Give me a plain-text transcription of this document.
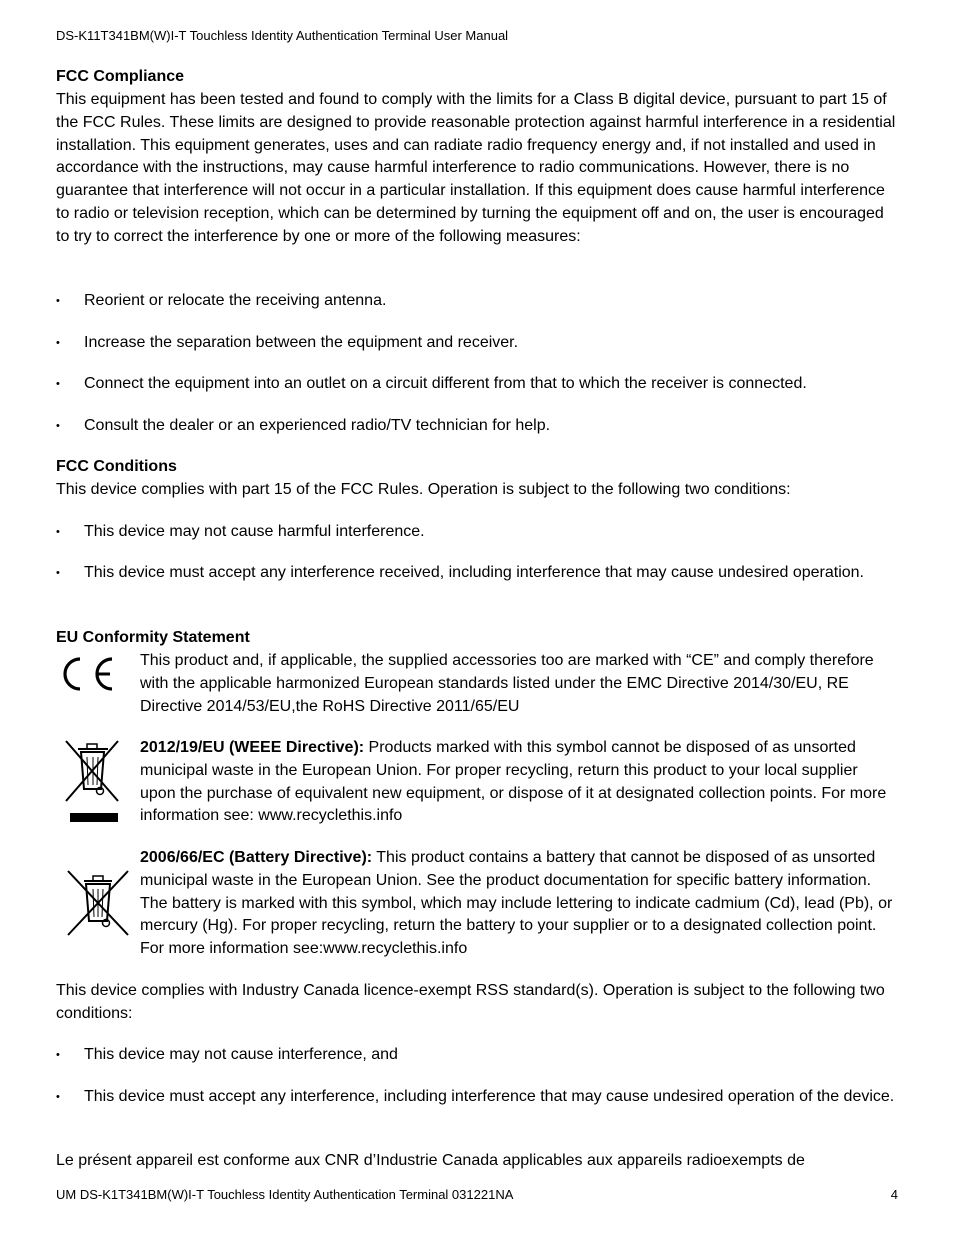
DS-K11T341BM(W)I-T Touchless Identity Authentication Terminal User Manual
FCC Compliance
This equipment has been tested and found to comply with the limits for a Class B digital device, pursuant to part 15 of the FCC Rules. These limits are designed to provide reasonable protection against harmful interference in a residential installation. This equipment generates, uses and can radiate radio frequency energy and, if not installed and used in accordance with the instructions, may cause harmful interference to radio communications. However, there is no guarantee that interference will not occur in a particular installation. If this equipment does cause harmful interference to radio or television reception, which can be determined by turning the equipment off and on, the user is encouraged to try to correct the interference by one or more of the following measures:
• Reorient or relocate the receiving antenna.
• Increase the separation between the equipment and receiver.
• Connect the equipment into an outlet on a circuit different from that to which the receiver is connected.
• Consult the dealer or an experienced radio/TV technician for help.
FCC Conditions
This device complies with part 15 of the FCC Rules. Operation is subject to the following two conditions:
• This device may not cause harmful interference.
• This device must accept any interference received, including interference that may cause undesired operation.
EU Conformity Statement
This product and, if applicable, the supplied accessories too are marked with “CE” and comply therefore with the applicable harmonized European standards listed under the EMC Directive 2014/30/EU, RE Directive 2014/53/EU,the RoHS Directive 2011/65/EU
2012/19/EU (WEEE Directive): Products marked with this symbol cannot be disposed of as unsorted municipal waste in the European Union. For proper recycling, return this product to your local supplier upon the purchase of equivalent new equipment, or dispose of it at designated collection points. For more information see: www.recyclethis.info
2006/66/EC (Battery Directive): This product contains a battery that cannot be disposed of as unsorted municipal waste in the European Union. See the product documentation for specific battery information. The battery is marked with this symbol, which may include lettering to indicate cadmium (Cd), lead (Pb), or mercury (Hg). For proper recycling, return the battery to your supplier or to a designated collection point. For more information see:www.recyclethis.info
This device complies with Industry Canada licence-exempt RSS standard(s). Operation is subject to the following two conditions:
• This device may not cause interference, and
• This device must accept any interference, including interference that may cause undesired operation of the device.
Le présent appareil est conforme aux CNR d’Industrie Canada applicables aux appareils radioexempts de
UM DS-K1T341BM(W)I-T Touchless Identity Authentication Terminal 031221NA	4
